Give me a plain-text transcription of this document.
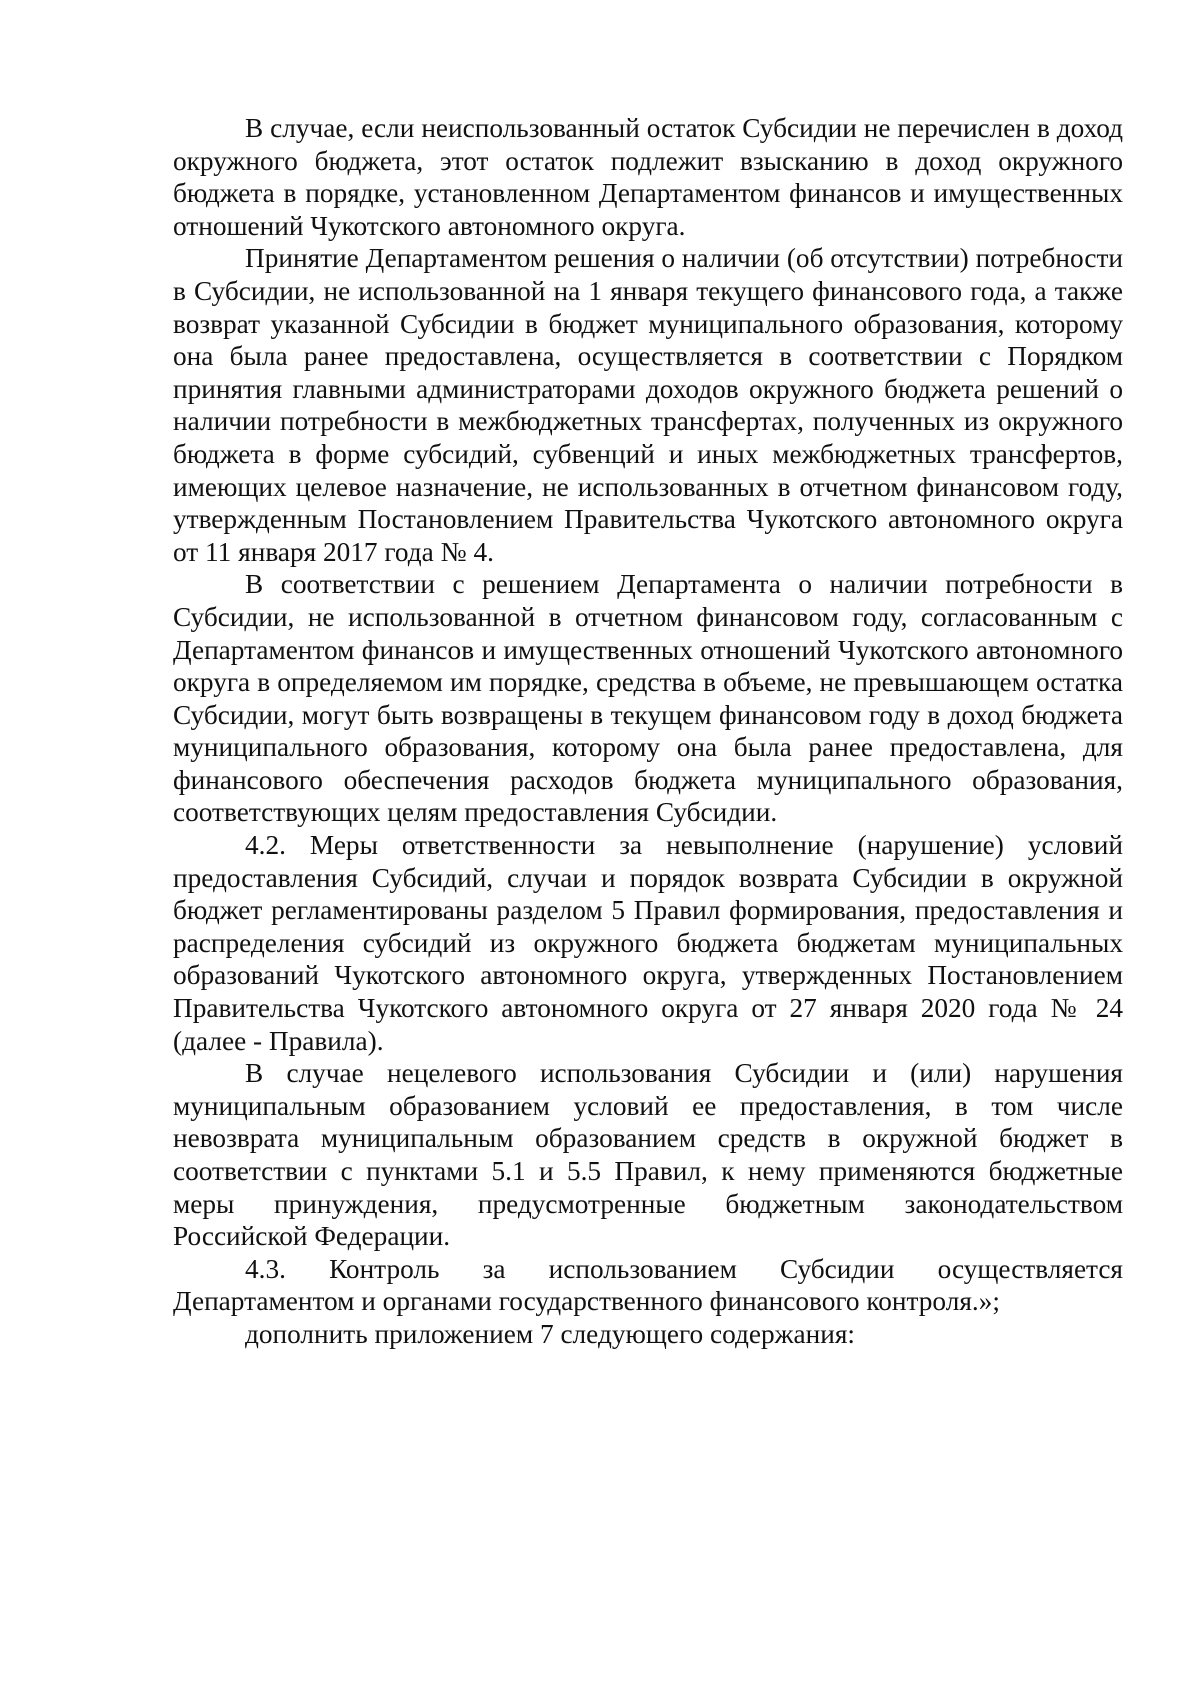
В случае, если неиспользованный остаток Субсидии не перечислен в доход окружного бюджета, этот остаток подлежит взысканию в доход окружного бюджета в порядке, установленном Департаментом финансов и имущественных отношений Чукотского автономного округа.

Принятие Департаментом решения о наличии (об отсутствии) потребности в Субсидии, не использованной на 1 января текущего финансового года, а также возврат указанной Субсидии в бюджет муниципального образования, которому она была ранее предоставлена, осуществляется в соответствии с Порядком принятия главными администраторами доходов окружного бюджета решений о наличии потребности в межбюджетных трансфертах, полученных из окружного бюджета в форме субсидий, субвенций и иных межбюджетных трансфертов, имеющих целевое назначение, не использованных в отчетном финансовом году, утвержденным Постановлением Правительства Чукотского автономного округа от 11 января 2017 года № 4.

В соответствии с решением Департамента о наличии потребности в Субсидии, не использованной в отчетном финансовом году, согласованным с Департаментом финансов и имущественных отношений Чукотского автономного округа в определяемом им порядке, средства в объеме, не превышающем остатка Субсидии, могут быть возвращены в текущем финансовом году в доход бюджета муниципального образования, которому она была ранее предоставлена, для финансового обеспечения расходов бюджета муниципального образования, соответствующих целям предоставления Субсидии.

4.2. Меры ответственности за невыполнение (нарушение) условий предоставления Субсидий, случаи и порядок возврата Субсидии в окружной бюджет регламентированы разделом 5 Правил формирования, предоставления и распределения субсидий из окружного бюджета бюджетам муниципальных образований Чукотского автономного округа, утвержденных Постановлением Правительства Чукотского автономного округа от 27 января 2020 года № 24 (далее - Правила).

В случае нецелевого использования Субсидии и (или) нарушения муниципальным образованием условий ее предоставления, в том числе невозврата муниципальным образованием средств в окружной бюджет в соответствии с пунктами 5.1 и 5.5 Правил, к нему применяются бюджетные меры принуждения, предусмотренные бюджетным законодательством Российской Федерации.

4.3. Контроль за использованием Субсидии осуществляется Департаментом и органами государственного финансового контроля.»;

дополнить приложением 7 следующего содержания:
